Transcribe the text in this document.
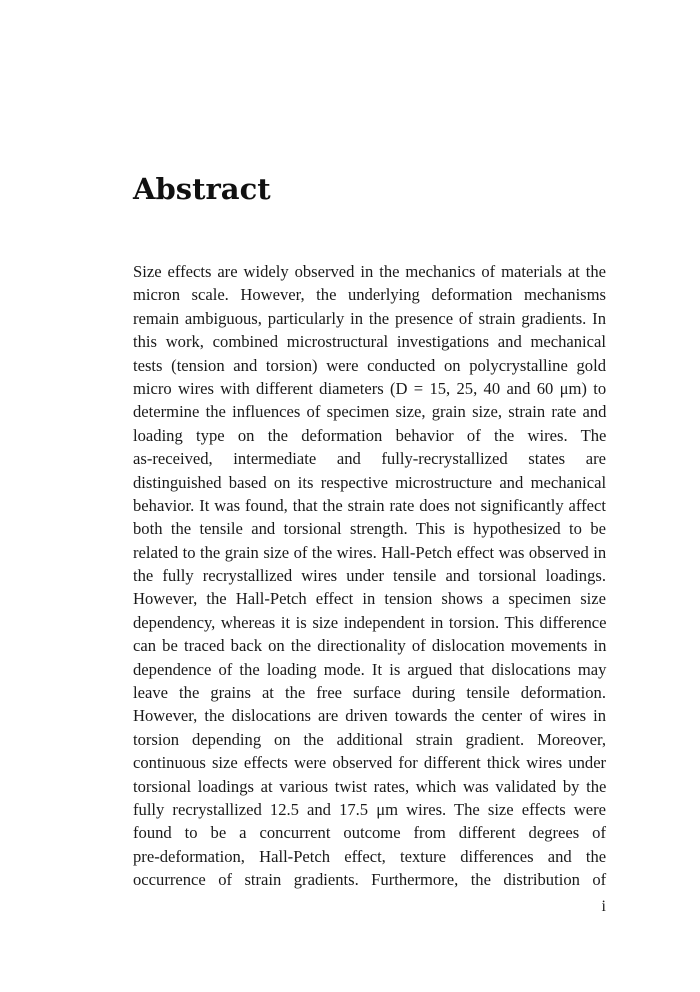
Abstract
Size effects are widely observed in the mechanics of materials at the
micron scale. However, the underlying deformation mechanisms
remain ambiguous, particularly in the presence of strain gradients. In
this work, combined microstructural investigations and mechanical
tests (tension and torsion) were conducted on polycrystalline gold
micro wires with different diameters (D = 15, 25, 40 and 60 μm) to
determine the influences of specimen size, grain size, strain rate and
loading type on the deformation behavior of the wires. The
as-received, intermediate and fully-recrystallized states are
distinguished based on its respective microstructure and mechanical
behavior. It was found, that the strain rate does not significantly affect
both the tensile and torsional strength. This is hypothesized to be
related to the grain size of the wires. Hall-Petch effect was observed in
the fully recrystallized wires under tensile and torsional loadings.
However, the Hall-Petch effect in tension shows a specimen size
dependency, whereas it is size independent in torsion. This difference
can be traced back on the directionality of dislocation movements in
dependence of the loading mode. It is argued that dislocations may
leave the grains at the free surface during tensile deformation.
However, the dislocations are driven towards the center of wires in
torsion depending on the additional strain gradient. Moreover,
continuous size effects were observed for different thick wires under
torsional loadings at various twist rates, which was validated by the
fully recrystallized 12.5 and 17.5 μm wires. The size effects were
found to be a concurrent outcome from different degrees of
pre-deformation, Hall-Petch effect, texture differences and the
occurrence of strain gradients. Furthermore, the distribution of
i
